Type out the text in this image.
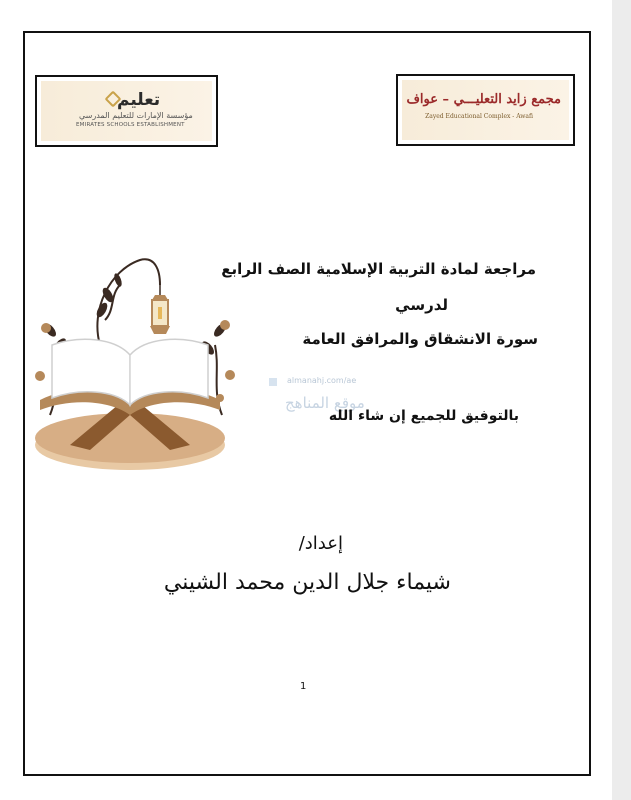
تعليم
مؤسسة الإمارات للتعليم المدرسي
EMIRATES SCHOOLS ESTABLISHMENT
مجمع زايد التعليـــي – عواف
Zayed Educational Complex - Awafi
almanahj.com/ae
موقع المناهج
مراجعة لمادة التربية الإسلامية الصف الرابع
لدرسي
سورة الانشقاق والمرافق العامة
بالتوفيق للجميع إن شاء الله
إعداد/
شيماء جلال الدين محمد الشيني
1
